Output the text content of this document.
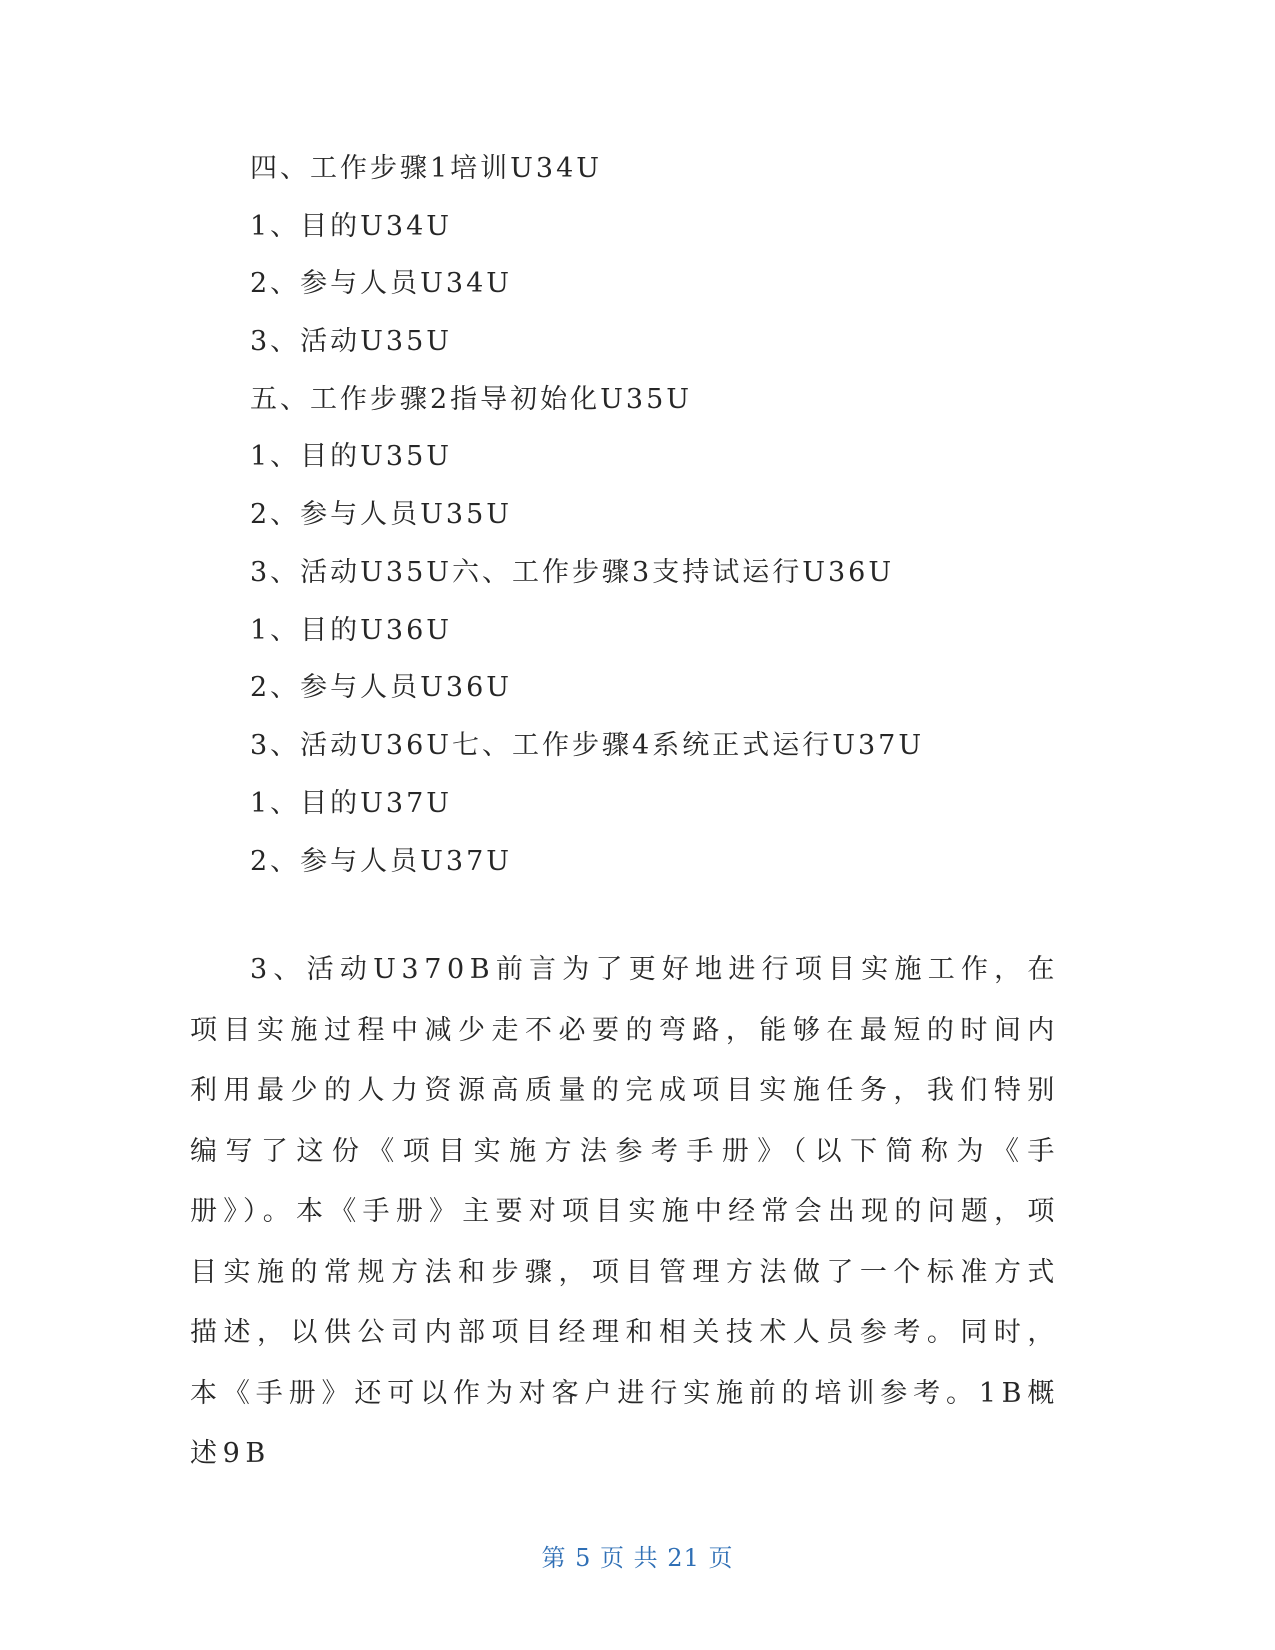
四、工作步骤1培训U34U
1、目的U34U
2、参与人员U34U
3、活动U35U
五、工作步骤2指导初始化U35U
1、目的U35U
2、参与人员U35U
3、活动U35U六、工作步骤3支持试运行U36U
1、目的U36U
2、参与人员U36U
3、活动U36U七、工作步骤4系统正式运行U37U
1、目的U37U
2、参与人员U37U

3、活动U370B前言为了更好地进行项目实施工作，在项目实施过程中减少走不必要的弯路，能够在最短的时间内利用最少的人力资源高质量的完成项目实施任务，我们特别编写了这份《项目实施方法参考手册》（以下简称为《手册》）。本《手册》主要对项目实施中经常会出现的问题，项目实施的常规方法和步骤，项目管理方法做了一个标准方式描述，以供公司内部项目经理和相关技术人员参考。同时，本《手册》还可以作为对客户进行实施前的培训参考。1B概述9B

第 5 页 共 21 页
